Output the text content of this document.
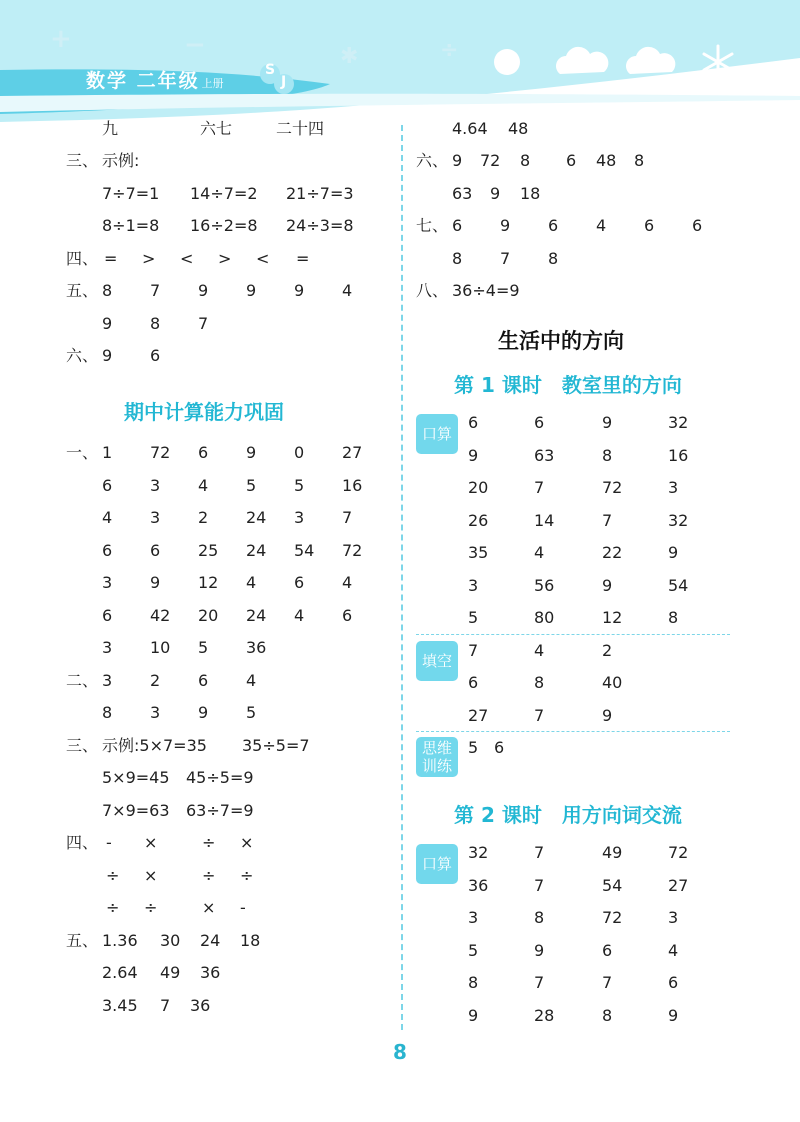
+	−	✱	÷
数学 二年级 上册
S
J
九	六七	二十四
三、 示例:
7÷7=1 14÷7=2 21÷7=3
8÷1=8 16÷2=8 24÷3=8
四、 = > < > < =
五、 8 7 9 9 9 4
9 8 7
六、 9 6
期中计算能力巩固
一、 1 72 6 9 0 27
6 3 4 5 5 16
4 3 2 24 3 7
6 6 25 24 54 72
3 9 12 4 6 4
6 42 20 24 4 6
3 10 5 36
二、 3 2 6 4
8 3 9 5
三、 示例:5×7=35 35÷5=7
5×9=45 45÷5=9
7×9=63 63÷7=9
四、 - ×	÷ ×
÷ ×	÷ ÷
÷ ÷	× -
五、 1.36 30 24 18
2.64 49 36
3.45 7 36
4.64 48
六、 9 72 8 6 48 8
63 9 18
七、 6 9 6 4 6 6
8 7 8
八、 36÷4=9
生活中的方向
第 1 课时　教室里的方向
口算
6	6	9	32
9	63	8	16
20	7	72	3
26	14	7	32
35	4	22	9
3	56	9	54
5	80	12	8
填空
7	4	2
6	8	40
27	7	9
思维
训练
5 6
第 2 课时　用方向词交流
口算
32	7	49	72
36	7	54	27
3	8	72	3
5	9	6	4
8	7	7	6
9	28	8	9
8
